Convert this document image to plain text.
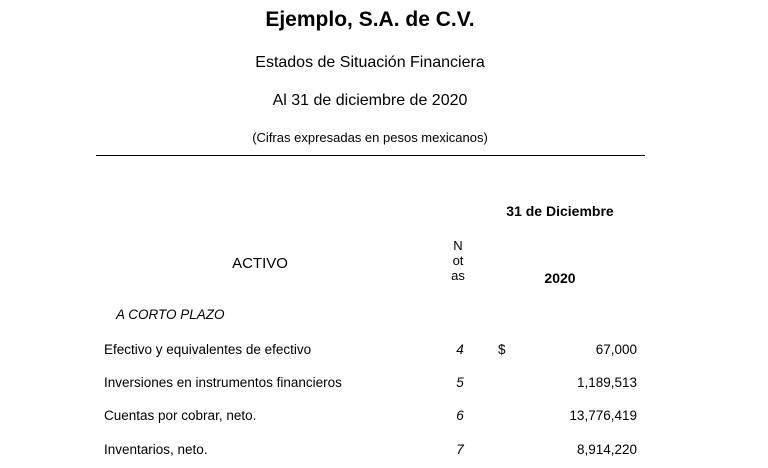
Ejemplo, S.A. de C.V.
Estados de Situación Financiera
Al 31 de diciembre de 2020
(Cifras expresadas en pesos mexicanos)
31 de Diciembre
ACTIVO
N
ot
as	2020
A CORTO PLAZO
Efectivo y equivalentes de efectivo	4	$	67,000
Inversiones en instrumentos financieros	5	1,189,513
Cuentas por cobrar, neto.	6	13,776,419
Inventarios, neto.	7	8,914,220
